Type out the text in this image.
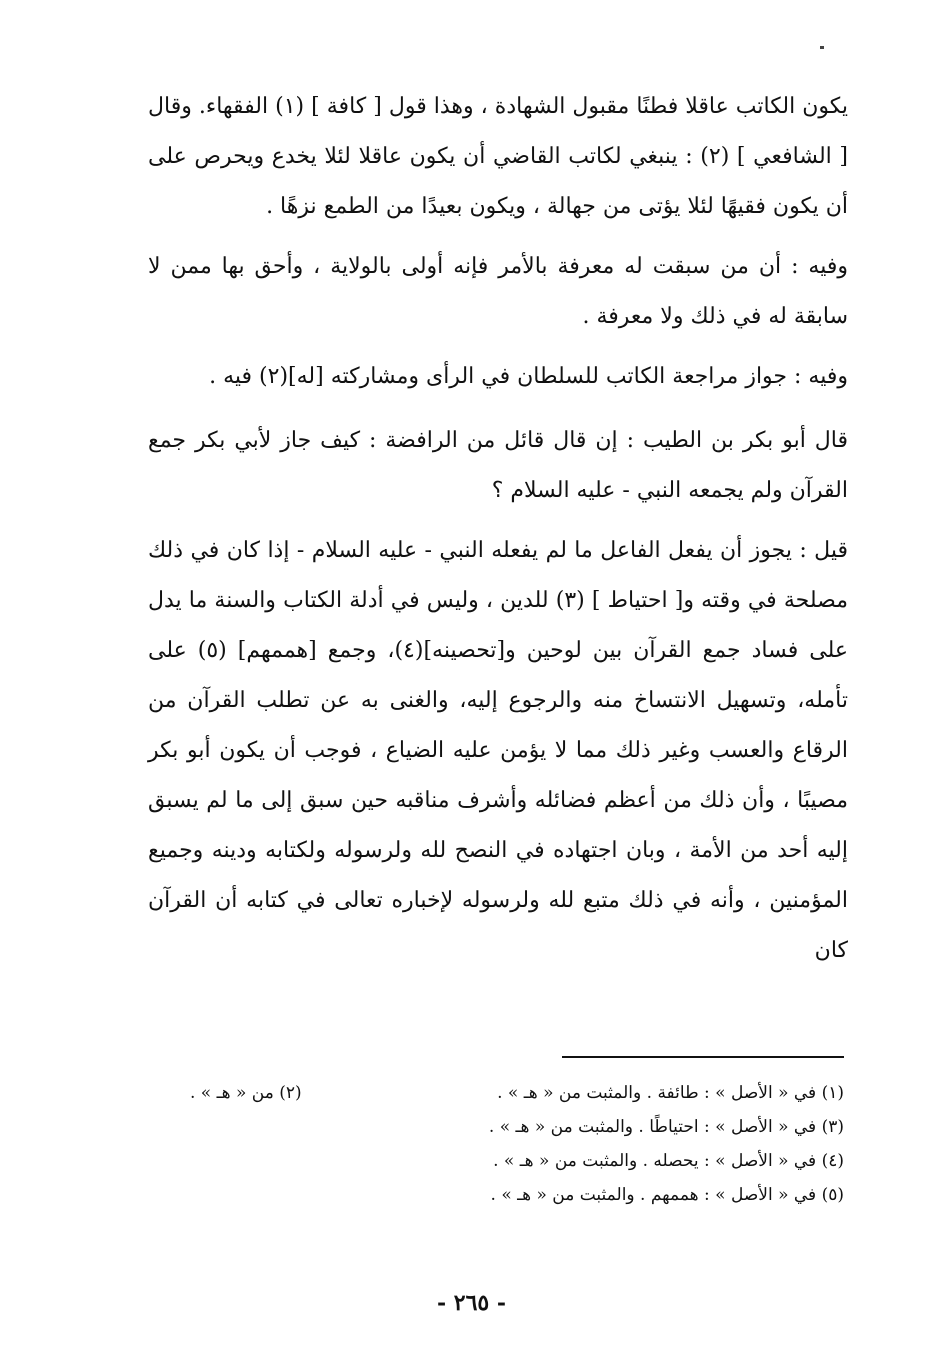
يكون الكاتب عاقلا فطنًا مقبول الشهادة ، وهذا قول [ كافة ] (١) الفقهاء. وقال [ الشافعي ] (٢) : ينبغي لكاتب القاضي أن يكون عاقلا لئلا يخدع ويحرص على أن يكون فقيهًا لئلا يؤتى من جهالة ، ويكون بعيدًا من الطمع نزهًا .

وفيه : أن من سبقت له معرفة بالأمر فإنه أولى بالولاية ، وأحق بها ممن لا سابقة له في ذلك ولا معرفة .

وفيه : جواز مراجعة الكاتب للسلطان في الرأى ومشاركته [له](٢) فيه .

قال أبو بكر بن الطيب : إن قال قائل من الرافضة : كيف جاز لأبي بكر جمع القرآن ولم يجمعه النبي - عليه السلام ؟

قيل : يجوز أن يفعل الفاعل ما لم يفعله النبي - عليه السلام - إذا كان في ذلك مصلحة في وقته و[ احتياط ] (٣) للدين ، وليس في أدلة الكتاب والسنة ما يدل على فساد جمع القرآن بين لوحين و[تحصينه](٤)، وجمع [هممهم] (٥) على تأمله، وتسهيل الانتساخ منه والرجوع إليه، والغنى به عن تطلب القرآن من الرقاع والعسب وغير ذلك مما لا يؤمن عليه الضياع ، فوجب أن يكون أبو بكر مصيبًا ، وأن ذلك من أعظم فضائله وأشرف مناقبه حين سبق إلى ما لم يسبق إليه أحد من الأمة ، وبان اجتهاده في النصح لله ولرسوله ولكتابه ودينه وجميع المؤمنين ، وأنه في ذلك متبع لله ولرسوله لإخباره تعالى في كتابه أن القرآن كان

(١) في « الأصل » : طائفة . والمثبت من « هـ » .
(٢) من « هـ » .
(٣) في « الأصل » : احتياطًا . والمثبت من « هـ » .
(٤) في « الأصل » : يحصله . والمثبت من « هـ » .
(٥) في « الأصل » : هممهم . والمثبت من « هـ » .
- ٢٦٥ -
